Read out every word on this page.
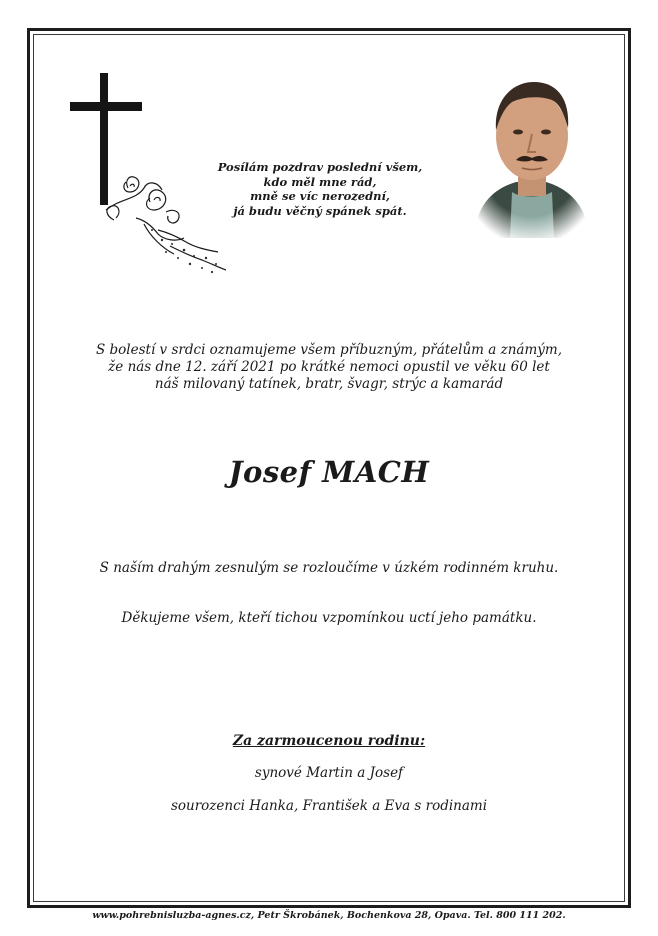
Posílám pozdrav poslední všem,
kdo měl mne rád,
mně se víc nerozední,
já budu věčný spánek spát.
S bolestí v srdci oznamujeme všem příbuzným, přátelům a známým,
že nás dne 12. září 2021 po krátké nemoci opustil ve věku 60 let
náš milovaný tatínek, bratr, švagr, strýc a kamarád
Josef MACH
S naším drahým zesnulým se rozloučíme v úzkém rodinném kruhu.
Děkujeme všem, kteří tichou vzpomínkou uctí jeho památku.
Za zarmoucenou rodinu:
synové Martin a Josef
sourozenci Hanka, František a Eva s rodinami
www.pohrebnisluzba-agnes.cz, Petr Škrobánek, Bochenkova 28, Opava. Tel. 800 111 202.
